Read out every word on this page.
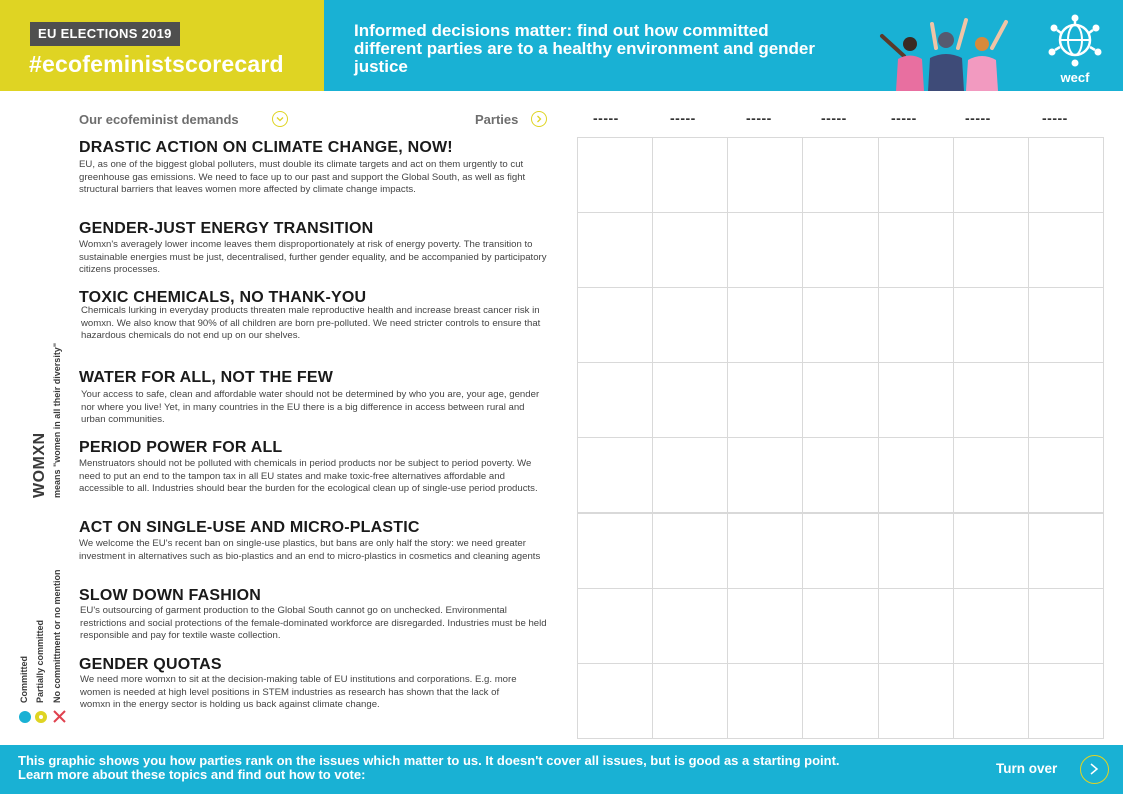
EU ELECTIONS 2019
#ecofeministscorecard
Informed decisions matter: find out how committed different parties are to a healthy environment and gender justice
wecf
WOMXN means "women in all their diversity"
Committed Partially committed No committment or no mention
Our ecofeminist demands	Parties
DRASTIC ACTION ON CLIMATE CHANGE, NOW!
EU, as one of the biggest global polluters, must double its climate targets and act on them urgently to cut greenhouse gas emissions. We need to face up to our past and support the Global South, as well as fight structural barriers that leaves women more affected by climate change impacts.
GENDER-JUST ENERGY TRANSITION
Womxn's averagely lower income leaves them disproportionately at risk of energy poverty. The transition to sustainable energies must be just, decentralised, further gender equality, and be accompanied by participatory citizens processes.
TOXIC CHEMICALS, NO THANK-YOU
Chemicals lurking in everyday products threaten male reproductive health and increase breast cancer risk in womxn. We also know that 90% of all children are born pre-polluted. We need stricter controls to ensure that hazardous chemicals do not end up on our shelves.
WATER FOR ALL, NOT THE FEW
Your access to safe, clean and affordable water should not be determined by who you are, your age, gender nor where you live! Yet, in many countries in the EU there is a big difference in access between rural and urban communities.
PERIOD POWER FOR ALL
Menstruators should not be polluted with chemicals in period products nor be subject to period poverty. We need to put an end to the tampon tax in all EU states and make toxic-free alternatives affordable and accessible to all. Industries should bear the burden for the ecological clean up of single-use period products.
ACT ON SINGLE-USE AND MICRO-PLASTIC
We welcome the EU's recent ban on single-use plastics, but bans are only half the story: we need greater investment in alternatives such as bio-plastics and an end to micro-plastics in cosmetics and cleaning agents
SLOW DOWN FASHION
EU's outsourcing of garment production to the Global South cannot go on unchecked. Environmental restrictions and social protections of the female-dominated workforce are disregarded. Industries must be held responsible and pay for textile waste collection.
GENDER QUOTAS
We need more womxn to sit at the decision-making table of EU institutions and corporations. E.g. more women is needed at high level positions in STEM industries as research has shown that the lack of womxn in the energy sector is holding us back against climate change.
-----	-----	-----	-----	-----	-----	-----
This graphic shows you how parties rank on the issues which matter to us. It doesn't cover all issues, but is good as a starting point. Learn more about these topics and find out how to vote:	Turn over
